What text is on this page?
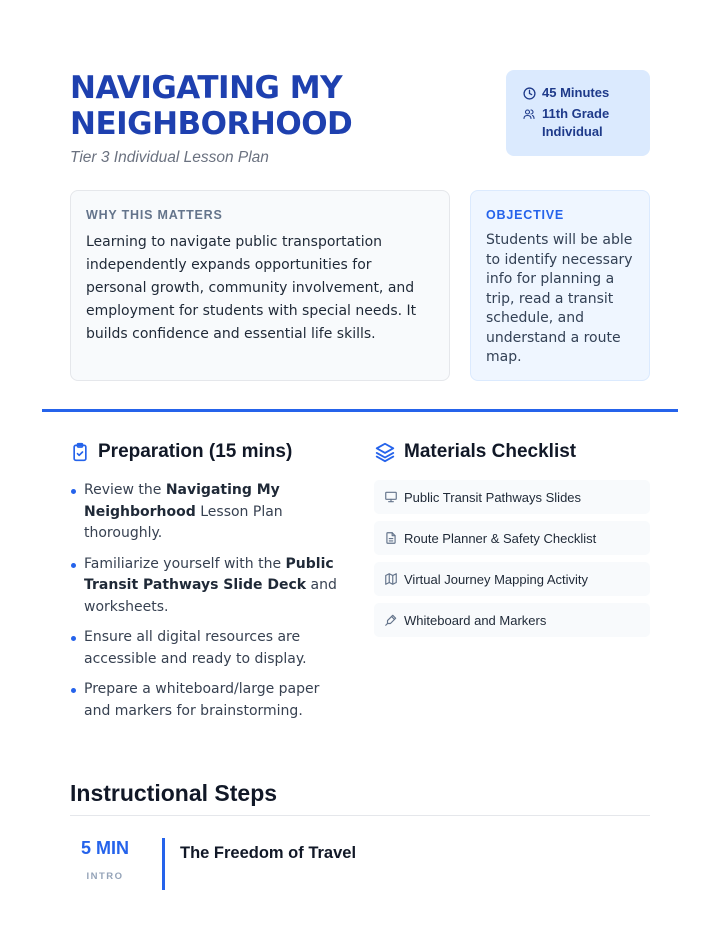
NAVIGATING MY NEIGHBORHOOD
Tier 3 Individual Lesson Plan
45 Minutes
11th Grade
Individual
WHY THIS MATTERS
Learning to navigate public transportation independently expands opportunities for personal growth, community involvement, and employment for students with special needs. It builds confidence and essential life skills.
OBJECTIVE
Students will be able to identify necessary info for planning a trip, read a transit schedule, and understand a route map.
Preparation (15 mins)
Review the Navigating My Neighborhood Lesson Plan thoroughly.
Familiarize yourself with the Public Transit Pathways Slide Deck and worksheets.
Ensure all digital resources are accessible and ready to display.
Prepare a whiteboard/large paper and markers for brainstorming.
Materials Checklist
Public Transit Pathways Slides
Route Planner & Safety Checklist
Virtual Journey Mapping Activity
Whiteboard and Markers
Instructional Steps
5 MIN
INTRO
The Freedom of Travel
